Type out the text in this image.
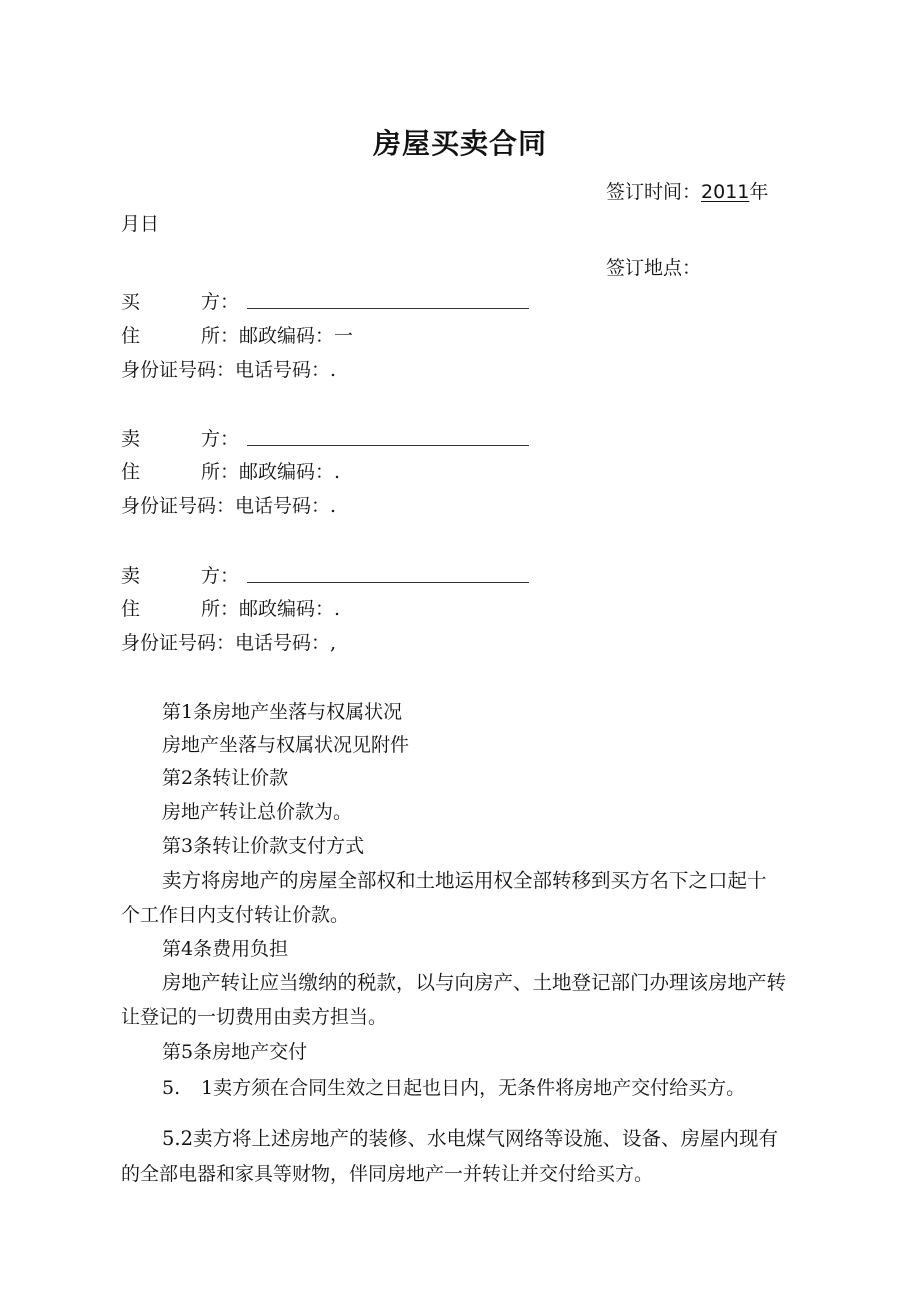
房屋买卖合同
签订时间：2011年
月日
签订地点：
买	方：
住	所：邮政编码：一
身份证号码：电话号码：.
卖	方：
住	所：邮政编码：.
身份证号码：电话号码：.
卖	方：
住	所：邮政编码：.
身份证号码：电话号码：,
第1条房地产坐落与权属状况
房地产坐落与权属状况见附件
第2条转让价款
房地产转让总价款为。
第3条转让价款支付方式
卖方将房地产的房屋全部权和土地运用权全部转移到买方名下之口起十
个工作日内支付转让价款。
第4条费用负担
房地产转让应当缴纳的税款，以与向房产、土地登记部门办理该房地产转
让登记的一切费用由卖方担当。
第5条房地产交付
5. 1卖方须在合同生效之日起也日内，无条件将房地产交付给买方。
5.2卖方将上述房地产的装修、水电煤气网络等设施、设备、房屋内现有
的全部电器和家具等财物，伴同房地产一并转让并交付给买方。
